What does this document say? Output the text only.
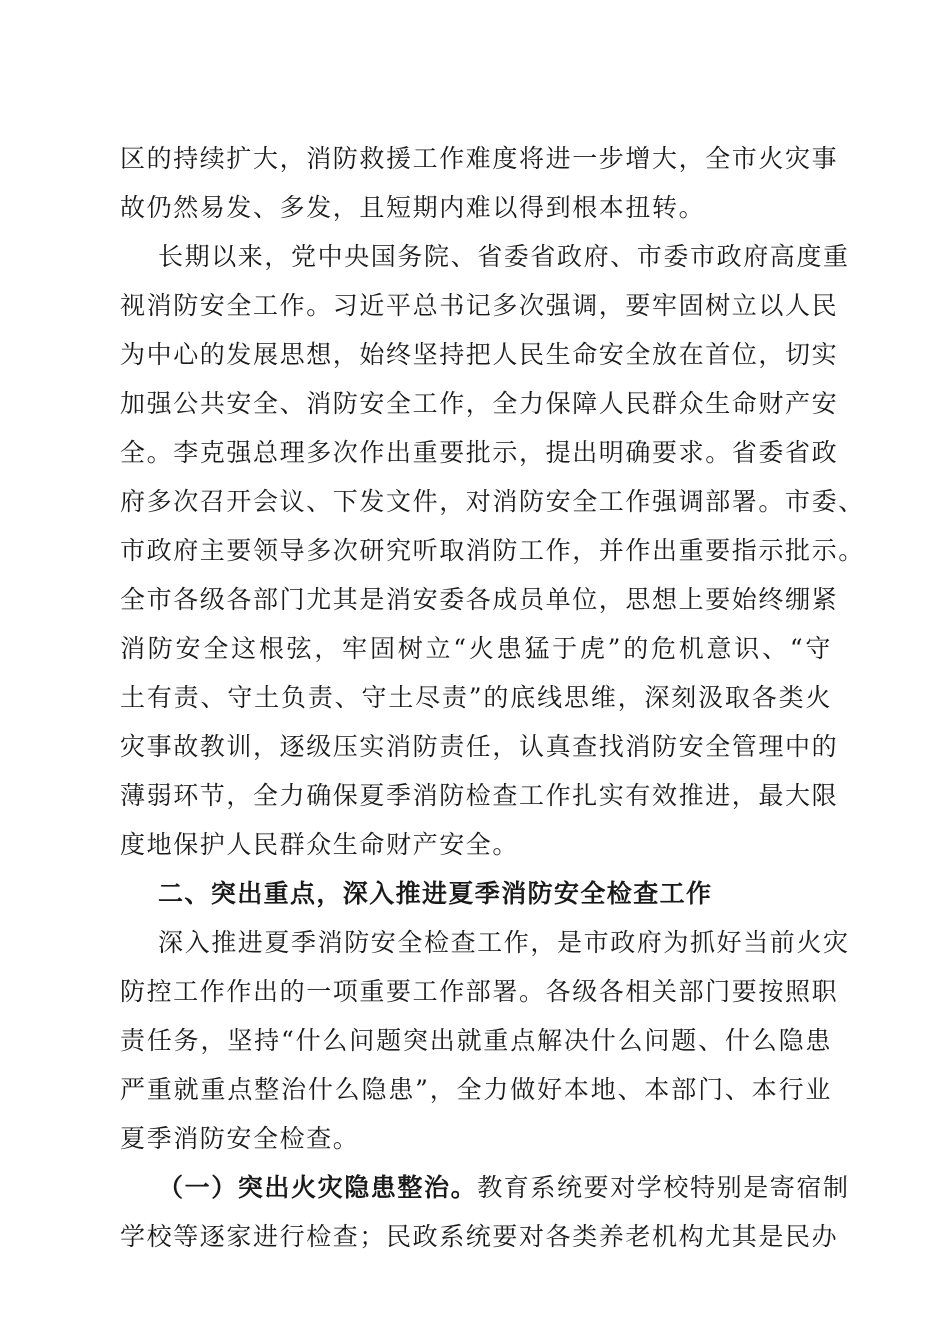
区的持续扩大，消防救援工作难度将进一步增大，全市火灾事
故仍然易发、多发，且短期内难以得到根本扭转。
长期以来，党中央国务院、省委省政府、市委市政府高度重
视消防安全工作。习近平总书记多次强调，要牢固树立以人民
为中心的发展思想，始终坚持把人民生命安全放在首位，切实
加强公共安全、消防安全工作，全力保障人民群众生命财产安
全。李克强总理多次作出重要批示，提出明确要求。省委省政
府多次召开会议、下发文件，对消防安全工作强调部署。市委、
市政府主要领导多次研究听取消防工作，并作出重要指示批示。
全市各级各部门尤其是消安委各成员单位，思想上要始终绷紧
消防安全这根弦，牢固树立“火患猛于虎”的危机意识、“守
土有责、守土负责、守土尽责”的底线思维，深刻汲取各类火
灾事故教训，逐级压实消防责任，认真查找消防安全管理中的
薄弱环节，全力确保夏季消防检查工作扎实有效推进，最大限
度地保护人民群众生命财产安全。
二、突出重点，深入推进夏季消防安全检查工作
深入推进夏季消防安全检查工作，是市政府为抓好当前火灾
防控工作作出的一项重要工作部署。各级各相关部门要按照职
责任务，坚持“什么问题突出就重点解决什么问题、什么隐患
严重就重点整治什么隐患”，全力做好本地、本部门、本行业
夏季消防安全检查。
（一）突出火灾隐患整治。教育系统要对学校特别是寄宿制
学校等逐家进行检查；民政系统要对各类养老机构尤其是民办
